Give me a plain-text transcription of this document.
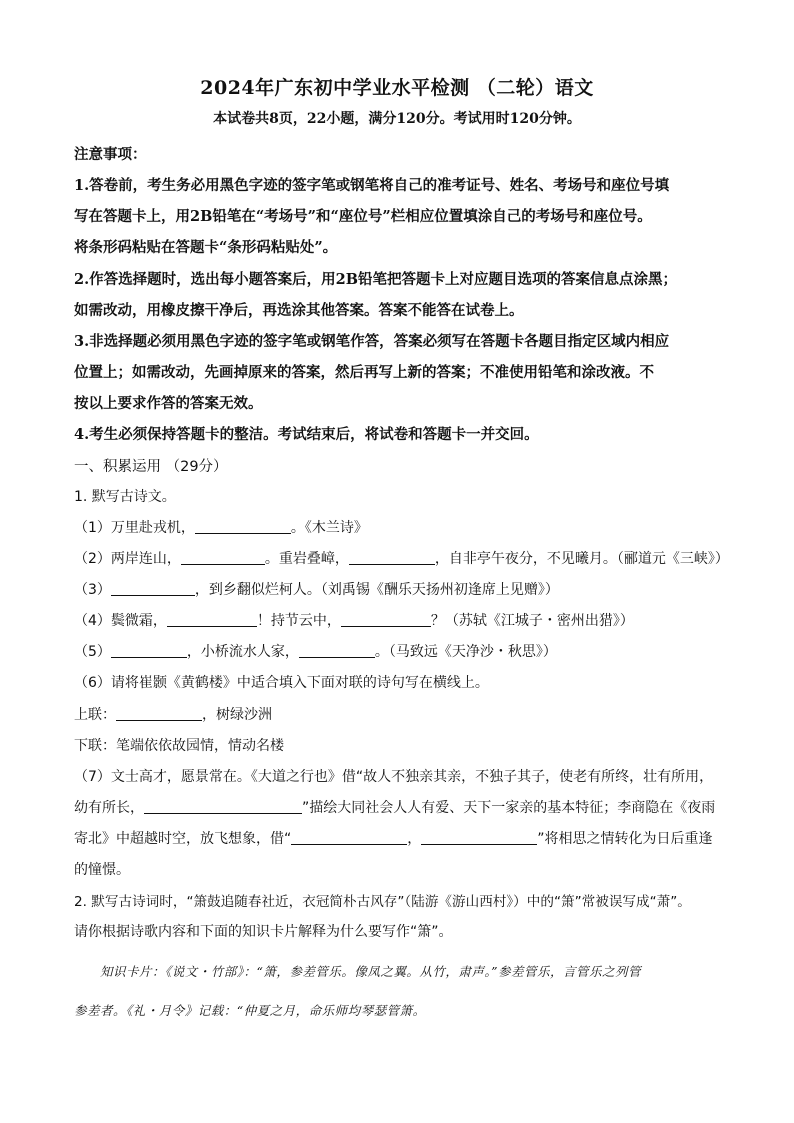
2024年广东初中学业水平检测 （二轮）语文
本试卷共8页，22小题，满分120分。考试用时120分钟。
注意事项：
1.答卷前，考生务必用黑色字迹的签字笔或钢笔将自己的准考证号、姓名、考场号和座位号填
写在答题卡上，用2B铅笔在“考场号”和“座位号”栏相应位置填涂自己的考场号和座位号。
将条形码粘贴在答题卡“条形码粘贴处”。
2.作答选择题时，选出每小题答案后，用2B铅笔把答题卡上对应题目选项的答案信息点涂黑；
如需改动，用橡皮擦干净后，再选涂其他答案。答案不能答在试卷上。
3.非选择题必须用黑色字迹的签字笔或钢笔作答，答案必须写在答题卡各题目指定区域内相应
位置上；如需改动，先画掉原来的答案，然后再写上新的答案；不准使用铅笔和涂改液。不
按以上要求作答的答案无效。
4.考生必须保持答题卡的整洁。考试结束后，将试卷和答题卡一并交回。
一、积累运用 （29分）
1. 默写古诗文。
（1）万里赴戎机，	。《木兰诗》
（2）两岸连山，	。重岩叠嶂，	，自非亭午夜分，不见曦月。（郦道元《三峡》）
（3）	，到乡翻似烂柯人。（刘禹锡《酬乐天扬州初逢席上见赠》）
（4）鬓微霜，	！持节云中，	？（苏轼《江城子・密州出猎》）
（5）	，小桥流水人家，	。（马致远《天净沙・秋思》）
（6）请将崔颢《黄鹤楼》中适合填入下面对联的诗句写在横线上。
上联：	，树绿沙洲
下联：笔端依依故园情，情动名楼
（7）文士高才，愿景常在。《大道之行也》借“故人不独亲其亲，不独子其子，使老有所终，壮有所用，
幼有所长，	”描绘大同社会人人有爱、天下一家亲的基本特征；李商隐在《夜雨
寄北》中超越时空，放飞想象，借“	，	”将相思之情转化为日后重逢
的憧憬。
2. 默写古诗词时，“箫鼓追随春社近，衣冠简朴古风存”（陆游《游山西村》）中的“箫”常被误写成“萧”。
请你根据诗歌内容和下面的知识卡片解释为什么要写作“箫”。
知识卡片：《说文・竹部》：“箫，参差管乐。像凤之翼。从竹，肃声。”参差管乐，言管乐之列管
参差者。《礼・月令》记载：“仲夏之月，命乐师均琴瑟管箫。
